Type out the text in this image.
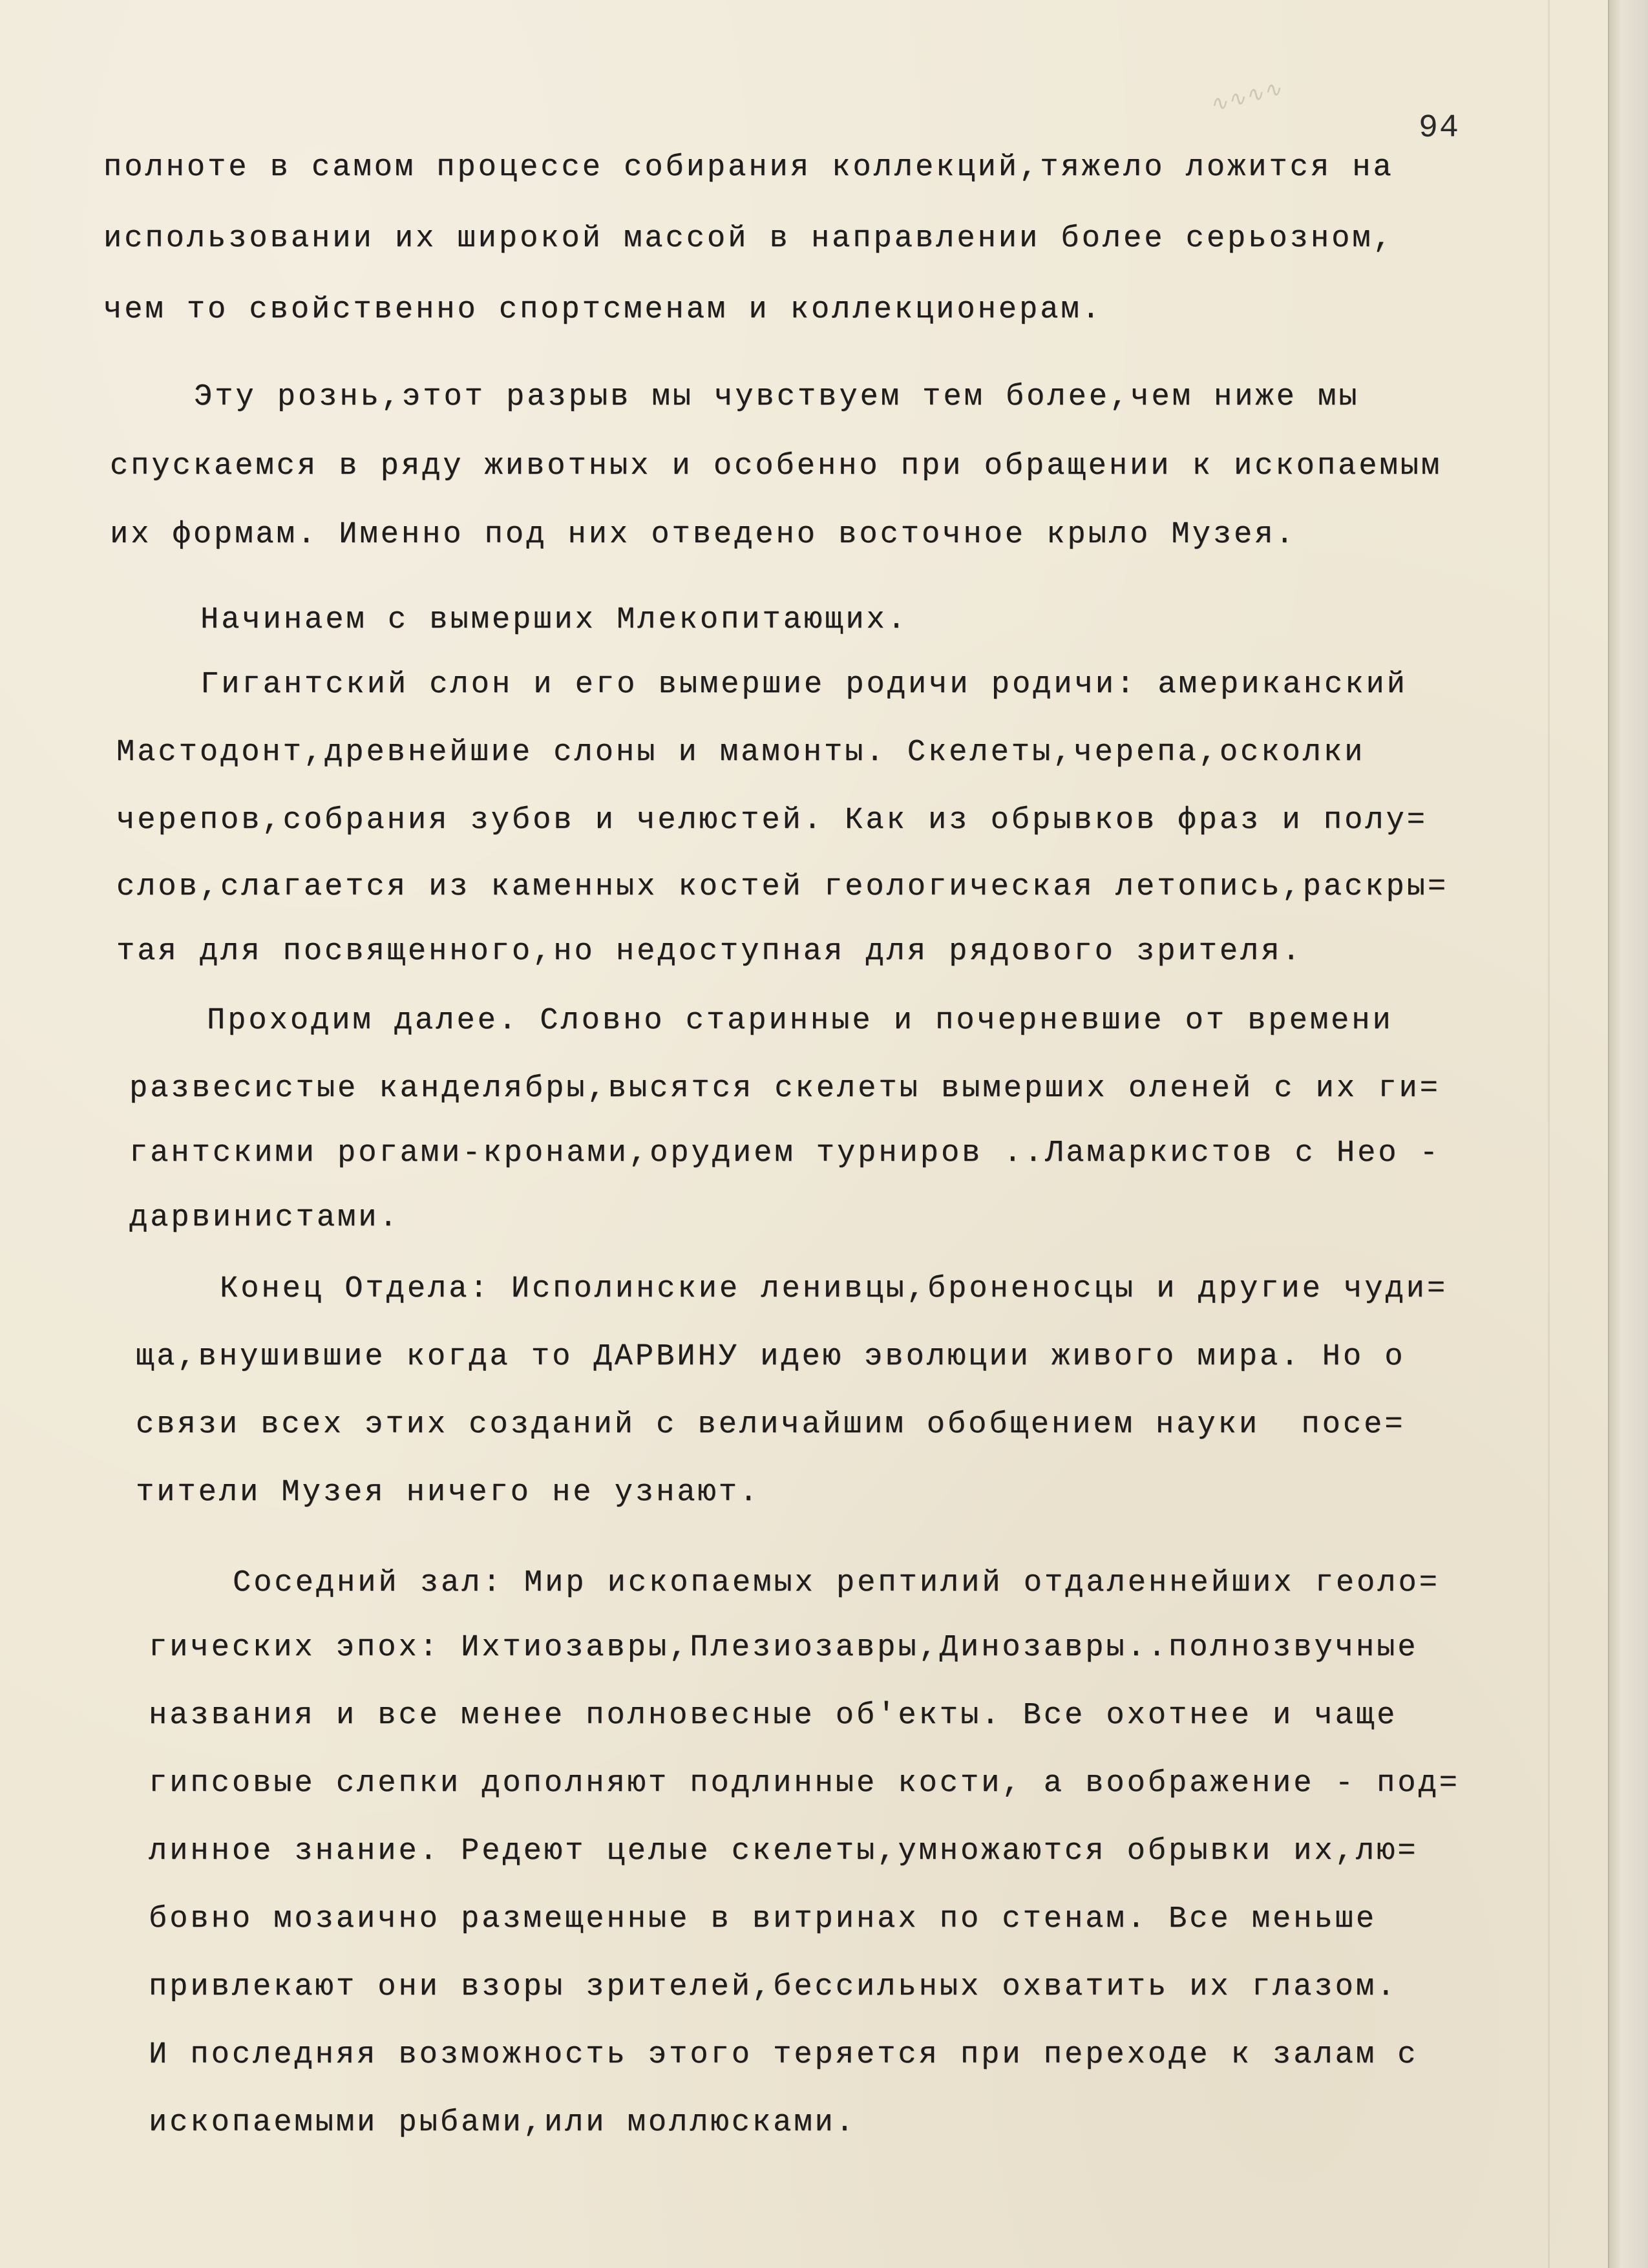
∿∿∿∿
94
полноте в самом процессе собирания коллекций,тяжело ложится на
использовании их широкой массой в направлении более серьозном,
чем то свойственно спортсменам и коллекционерам.
Эту рознь,этот разрыв мы чувствуем тем более,чем ниже мы
спускаемся в ряду животных и особенно при обращении к ископаемым
их формам. Именно под них отведено восточное крыло Музея.
Начинаем с вымерших Млекопитающих.
Гигантский слон и его вымершие родичи родичи: американский
Мастодонт,древнейшие слоны и мамонты. Скелеты,черепа,осколки
черепов,собрания зубов и челюстей. Как из обрывков фраз и полу=
слов,слагается из каменных костей геологическая летопись,раскры=
тая для посвященного,но недоступная для рядового зрителя.
Проходим далее. Словно старинные и почерневшие от времени
развесистые канделябры,высятся скелеты вымерших оленей с их ги=
гантскими рогами-кронами,орудием турниров ..Ламаркистов с Нео -
дарвинистами.
Конец Отдела: Исполинские ленивцы,броненосцы и другие чуди=
ща,внушившие когда то ДАРВИНУ идею эволюции живого мира. Но о
связи всех этих созданий с величайшим обобщением науки  посе=
тители Музея ничего не узнают.
Соседний зал: Мир ископаемых рептилий отдаленнейших геоло=
гических эпох: Ихтиозавры,Плезиозавры,Динозавры..полнозвучные
названия и все менее полновесные об'екты. Все охотнее и чаще
гипсовые слепки дополняют подлинные кости, а воображение - под=
линное знание. Редеют целые скелеты,умножаются обрывки их,лю=
бовно мозаично размещенные в витринах по стенам. Все меньше
привлекают они взоры зрителей,бессильных охватить их глазом.
И последняя возможность этого теряется при переходе к залам с
ископаемыми рыбами,или моллюсками.
